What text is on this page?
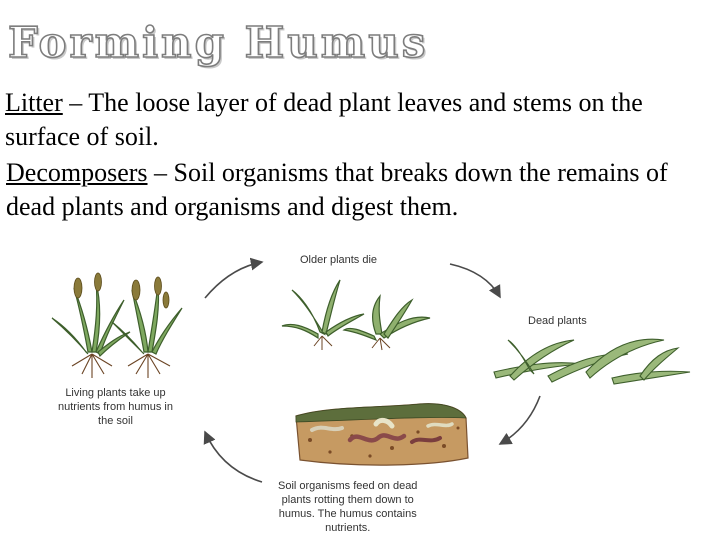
Forming Humus

Litter – The loose layer of dead plant leaves and stems on the surface of soil.

Decomposers – Soil organisms that breaks down the remains of dead plants and organisms and digest them.

Older plants die
Dead plants
Living plants take up
nutrients from humus in
the soil
Soil organisms feed on dead
plants rotting them down to
humus. The humus contains
nutrients.
